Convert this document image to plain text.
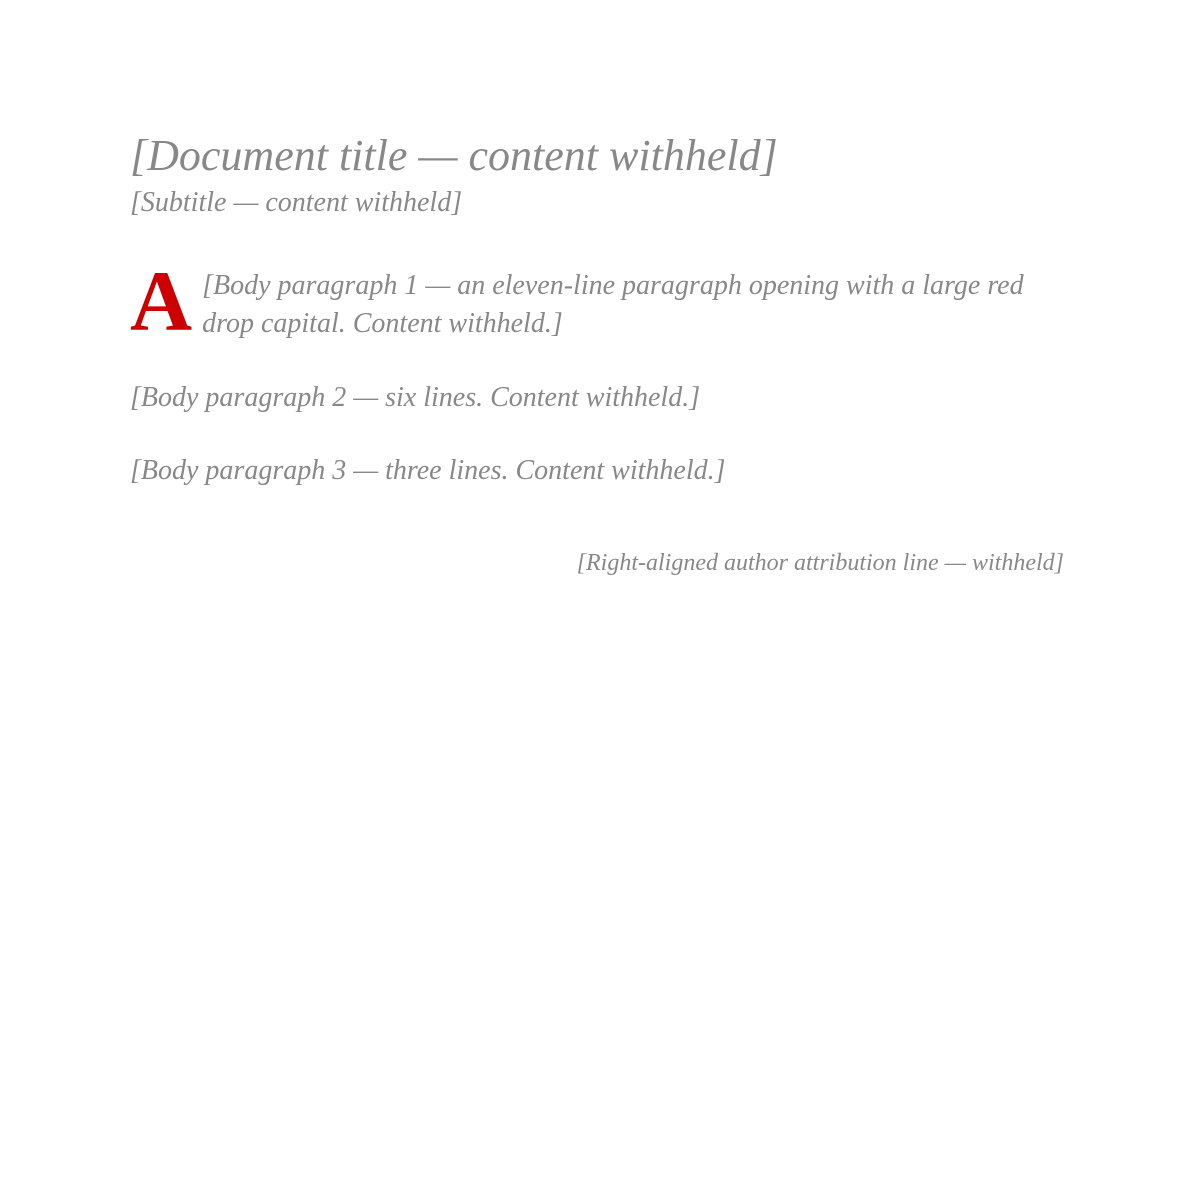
[Document title — content withheld]
[Subtitle — content withheld]

A [Body paragraph 1 — an eleven-line paragraph opening with a large red drop capital. Content withheld.]

[Body paragraph 2 — six lines. Content withheld.]

[Body paragraph 3 — three lines. Content withheld.]

[Right-aligned author attribution line — withheld]
